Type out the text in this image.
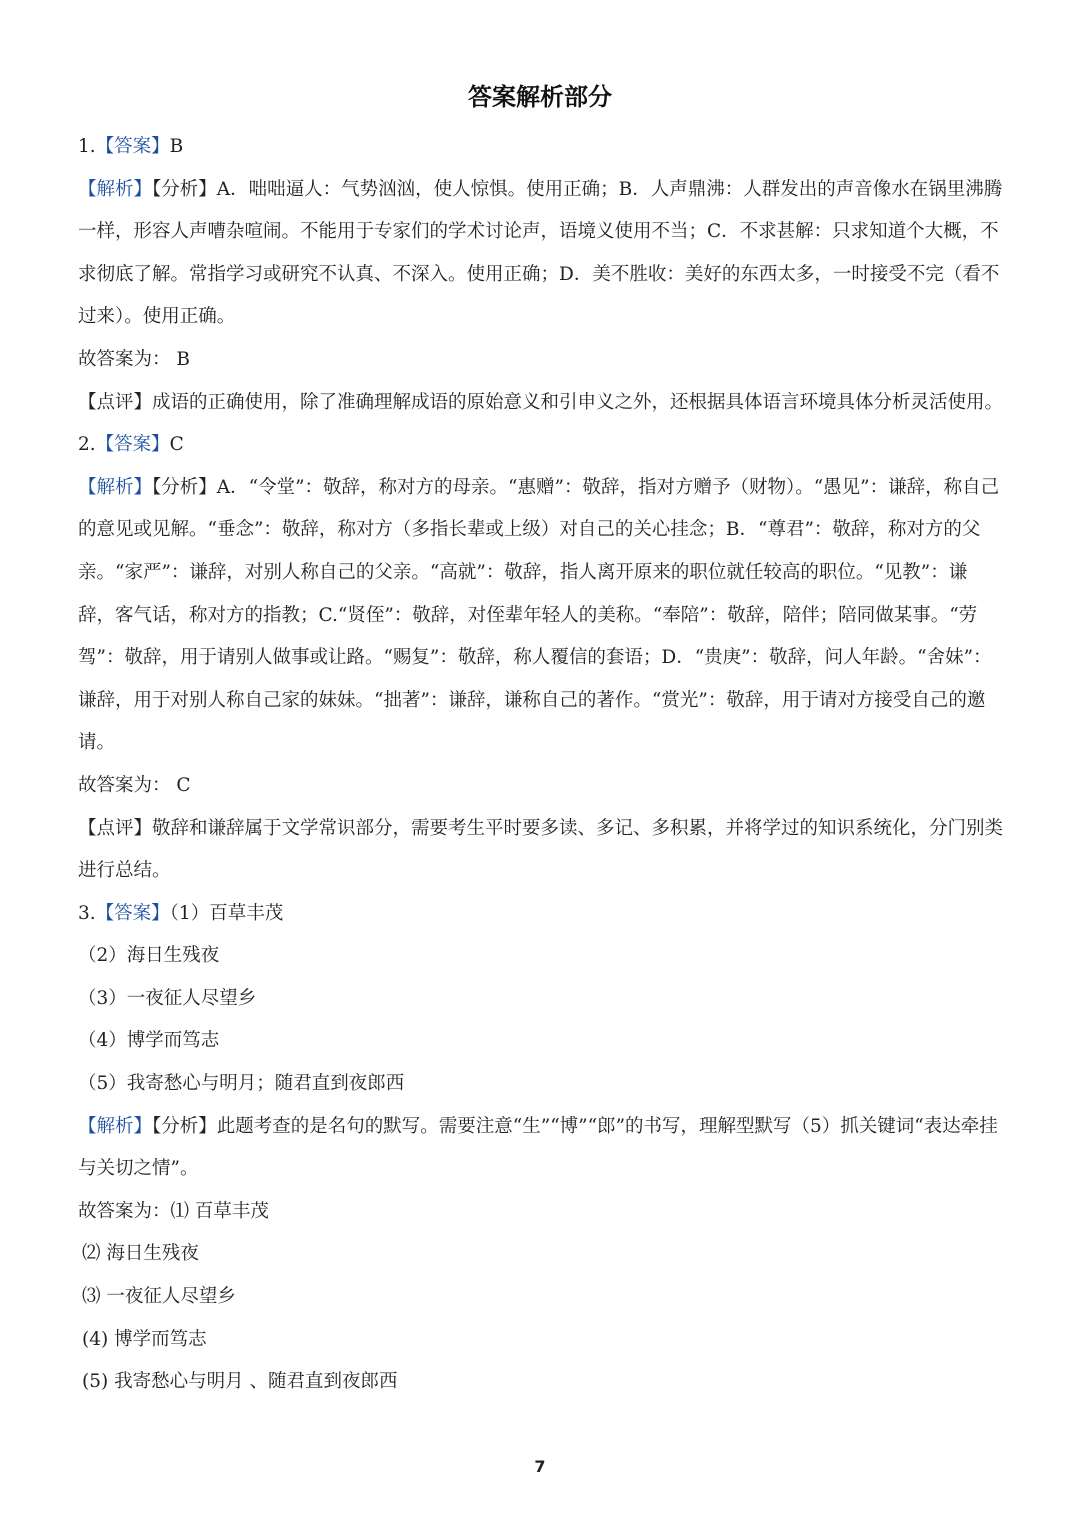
答案解析部分

1.【答案】B

【解析】【分析】A．咄咄逼人：气势汹汹，使人惊惧。使用正确；B．人声鼎沸：人群发出的声音像水在锅里沸腾一样，形容人声嘈杂喧闹。不能用于专家们的学术讨论声，语境义使用不当；C．不求甚解：只求知道个大概，不求彻底了解。常指学习或研究不认真、不深入。使用正确；D．美不胜收：美好的东西太多，一时接受不完（看不过来）。使用正确。

故答案为： B

【点评】成语的正确使用，除了准确理解成语的原始意义和引申义之外，还根据具体语言环境具体分析灵活使用。

2.【答案】C

【解析】【分析】A．“令堂”：敬辞，称对方的母亲。“惠赠”：敬辞，指对方赠予（财物）。“愚见”：谦辞，称自己的意见或见解。“垂念”：敬辞，称对方（多指长辈或上级）对自己的关心挂念；B．“尊君”：敬辞，称对方的父亲。“家严”：谦辞，对别人称自己的父亲。“高就”：敬辞，指人离开原来的职位就任较高的职位。“见教”：谦辞，客气话，称对方的指教；C.“贤侄”：敬辞，对侄辈年轻人的美称。“奉陪”：敬辞，陪伴；陪同做某事。“劳驾”：敬辞，用于请别人做事或让路。“赐复”：敬辞，称人覆信的套语；D．“贵庚”：敬辞，问人年龄。“舍妹”：谦辞，用于对别人称自己家的妹妹。“拙著”：谦辞，谦称自己的著作。“赏光”：敬辞，用于请对方接受自己的邀请。

故答案为： C

【点评】敬辞和谦辞属于文学常识部分，需要考生平时要多读、多记、多积累，并将学过的知识系统化，分门别类进行总结。

3.【答案】（1）百草丰茂

（2）海日生残夜

（3）一夜征人尽望乡

（4）博学而笃志

（5）我寄愁心与明月；随君直到夜郎西

【解析】【分析】此题考查的是名句的默写。需要注意“生”“博”“郎”的书写，理解型默写（5）抓关键词“表达牵挂与关切之情”。

故答案为：⑴ 百草丰茂

⑵ 海日生残夜

⑶ 一夜征人尽望乡

(4) 博学而笃志

(5) 我寄愁心与明月 、随君直到夜郎西

7
